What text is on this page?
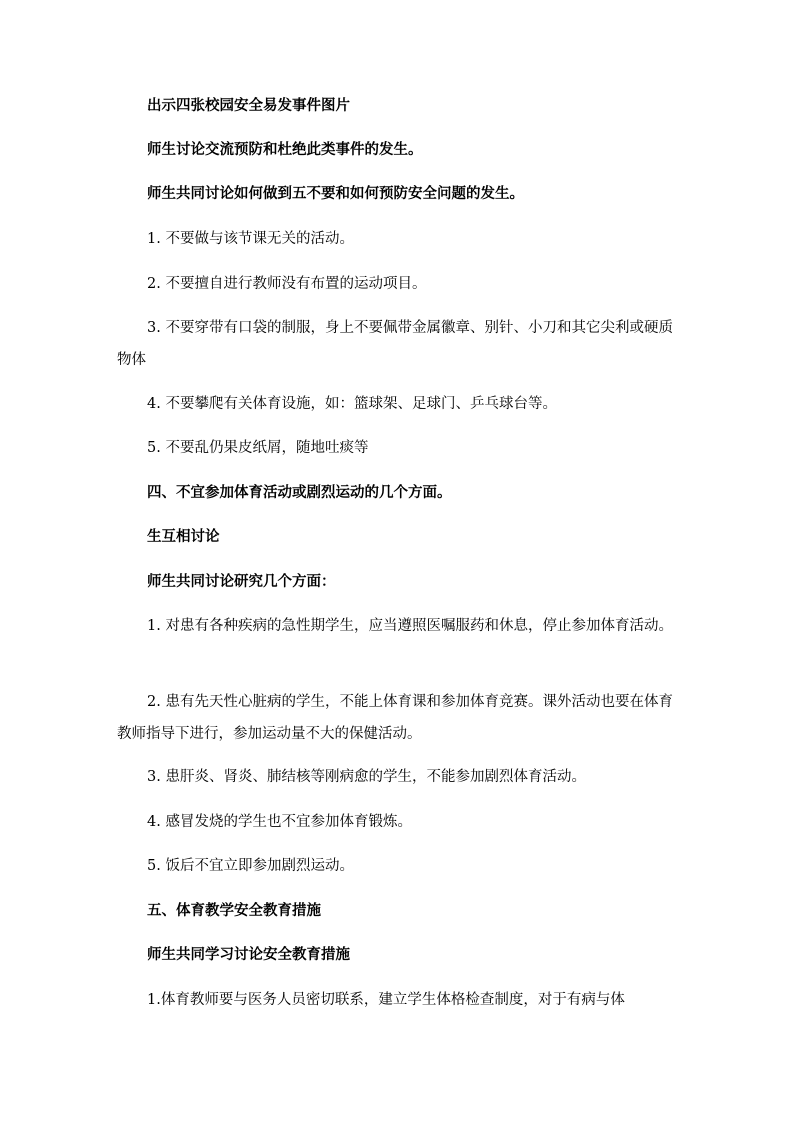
出示四张校园安全易发事件图片

师生讨论交流预防和杜绝此类事件的发生。

师生共同讨论如何做到五不要和如何预防安全问题的发生。

1. 不要做与该节课无关的活动。

2. 不要擅自进行教师没有布置的运动项目。

3. 不要穿带有口袋的制服，身上不要佩带金属徽章、别针、小刀和其它尖利或硬质物体

4. 不要攀爬有关体育设施，如：篮球架、足球门、乒乓球台等。

5. 不要乱仍果皮纸屑，随地吐痰等

四、不宜参加体育活动或剧烈运动的几个方面。

生互相讨论

师生共同讨论研究几个方面：

1. 对患有各种疾病的急性期学生，应当遵照医嘱服药和休息，停止参加体育活动。

2. 患有先天性心脏病的学生，不能上体育课和参加体育竞赛。课外活动也要在体育教师指导下进行，参加运动量不大的保健活动。

3. 患肝炎、肾炎、肺结核等刚病愈的学生，不能参加剧烈体育活动。

4. 感冒发烧的学生也不宜参加体育锻炼。

5. 饭后不宜立即参加剧烈运动。

五、体育教学安全教育措施

师生共同学习讨论安全教育措施

1.体育教师要与医务人员密切联系，建立学生体格检查制度，对于有病与体
